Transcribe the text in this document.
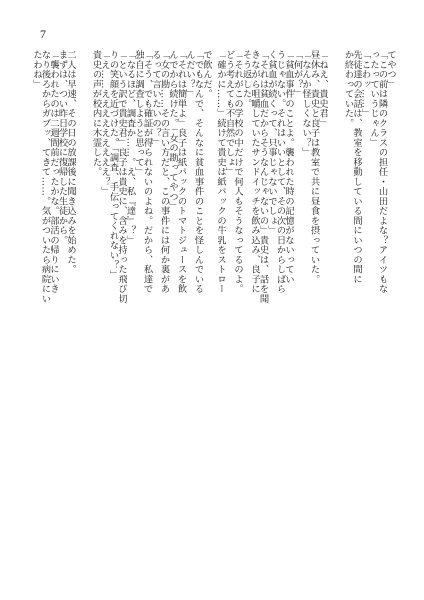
7
てやつ」
「この前は隣のクラスの担任・山田だよな？アイツもな
ったっていうじゃん」
「こわッ……」
先徒達の会話は、教室を移動している間にいつの間に
か終わっていた。
「ねえ、貴史君」
昼休み、貴史と良子は教室で共に昼食を摂っていた。
「なんか怪しくない？」
「何が？」
「貧血事件のことよ。襲われた時の記憶がないってい
うじゃない。それはいいとして、その次の日からしばら
く貧血が続くって、只事じゃないでしょ」
「それは貧血だからそうなんじゃないの」貴史は、話を聞
きながら咀嚼していたサンドイッチを飲み込み、良子に
そう返した。
「それがこの学校の中だけで何人もそうなってるのよ。
どう考えても不自然でしょ」
「確かに……」続けて貴史は紙パックの牛乳をストロー
で飲んだ。
「でもなんで、そんなに貧血事件のことを怪しんでいる
んだい？」
「それは簡単よ」良子は紙パックのトマトジュースを飲
んでから続けた。「女の勘ってやつ」
「女の勘……その言い方だと、この事件には何か裏があ
るって言いたいの？」
「そう、でも確証が得られないのよね。だから、私達で
独自に調査しようと思って」
「なるほど、調査か……。え、私『達』？」
「という訳で貴史君」良子は貴史に、含みを持った飛び切
りの笑顔を近づけた。「調査、手伝ってくれない？」
「え……えええええええええ？」
貴史の声が校内に木霊した。
二人は早速、その日の放課後に聞き込みを始めた。
まずは、つい昨日学校に復帰した生徒から。
「襲われたのは二週間前だったかな。部活の帰りにいき
なり後ろからガブッ、てきて……。気がついたら病院にい
たわね」
